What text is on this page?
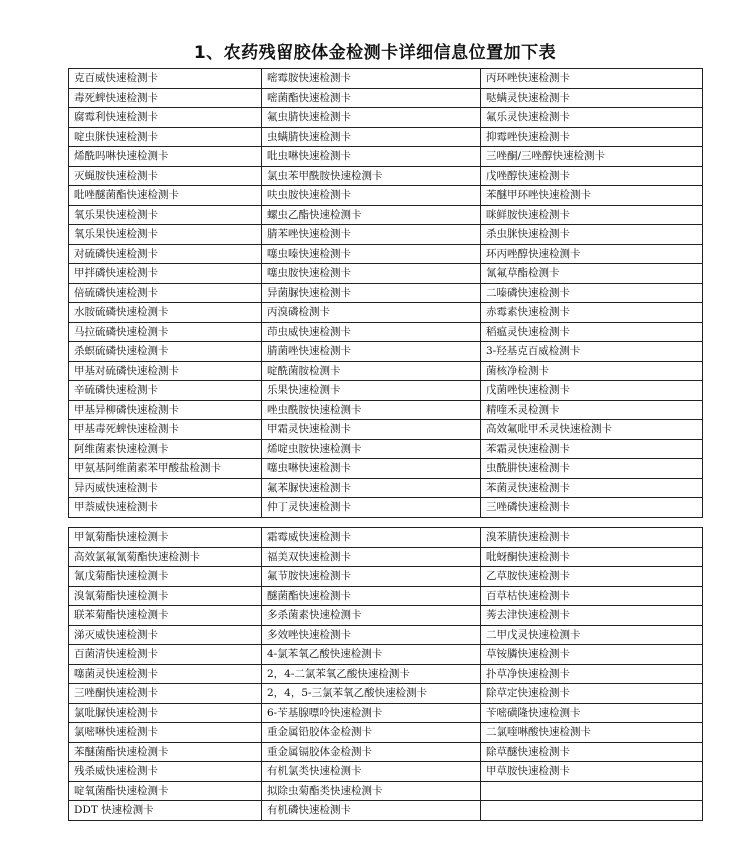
1、农药残留胶体金检测卡详细信息位置加下表
克百威快速检测卡	嘧霉胺快速检测卡	丙环唑快速检测卡
毒死蜱快速检测卡	嘧菌酯快速检测卡	哒螨灵快速检测卡
腐霉利快速检测卡	氟虫腈快速检测卡	氟乐灵快速检测卡
啶虫脒快速检测卡	虫螨腈快速检测卡	抑霉唑快速检测卡
烯酰吗啉快速检测卡	吡虫啉快速检测卡	三唑酮/三唑醇快速检测卡
灭蝇胺快速检测卡	氯虫苯甲酰胺快速检测卡	戊唑醇快速检测卡
吡唑醚菌酯快速检测卡	呋虫胺快速检测卡	苯醚甲环唑快速检测卡
氧乐果快速检测卡	螺虫乙酯快速检测卡	咪鲜胺快速检测卡
氧乐果快速检测卡	腈苯唑快速检测卡	杀虫脒快速检测卡
对硫磷快速检测卡	噻虫嗪快速检测卡	环丙唑醇快速检测卡
甲拌磷快速检测卡	噻虫胺快速检测卡	氰氟草酯检测卡
倍硫磷快速检测卡	异菌脲快速检测卡	二嗪磷快速检测卡
水胺硫磷快速检测卡	丙溴磷检测卡	赤霉素快速检测卡
马拉硫磷快速检测卡	茚虫威快速检测卡	稻瘟灵快速检测卡
杀螟硫磷快速检测卡	腈菌唑快速检测卡	3-羟基克百威检测卡
甲基对硫磷快速检测卡	啶酰菌胺检测卡	菌核净检测卡
辛硫磷快速检测卡	乐果快速检测卡	戊菌唑快速检测卡
甲基异柳磷快速检测卡	唑虫酰胺快速检测卡	精喹禾灵检测卡
甲基毒死蜱快速检测卡	甲霜灵快速检测卡	高效氟吡甲禾灵快速检测卡
阿维菌素快速检测卡	烯啶虫胺快速检测卡	苯霜灵快速检测卡
甲氨基阿维菌素苯甲酸盐检测卡	噻虫啉快速检测卡	虫酰肼快速检测卡
异丙威快速检测卡	氟苯脲快速检测卡	苯菌灵快速检测卡
甲萘威快速检测卡	仲丁灵快速检测卡	三唑磷快速检测卡
甲氰菊酯快速检测卡	霜霉威快速检测卡	溴苯腈快速检测卡
高效氯氟氰菊酯快速检测卡	福美双快速检测卡	吡蚜酮快速检测卡
氰戊菊酯快速检测卡	氟节胺快速检测卡	乙草胺快速检测卡
溴氰菊酯快速检测卡	醚菌酯快速检测卡	百草枯快速检测卡
联苯菊酯快速检测卡	多杀菌素快速检测卡	莠去津快速检测卡
涕灭威快速检测卡	多效唑快速检测卡	二甲戊灵快速检测卡
百菌清快速检测卡	4-氯苯氧乙酸快速检测卡	草铵膦快速检测卡
噻菌灵快速检测卡	2，4-二氯苯氧乙酸快速检测卡	扑草净快速检测卡
三唑酮快速检测卡	2，4，5-三氯苯氧乙酸快速检测卡	除草定快速检测卡
氯吡脲快速检测卡	6-苄基腺嘌呤快速检测卡	苄嘧磺隆快速检测卡
氯嘧啉快速检测卡	重金属铅胶体金检测卡	二氯喹啉酸快速检测卡
苯醚菌酯快速检测卡	重金属镉胶体金检测卡	除草醚快速检测卡
残杀威快速检测卡	有机氯类快速检测卡	甲草胺快速检测卡
啶氧菌酯快速检测卡	拟除虫菊酯类快速检测卡	
DDT 快速检测卡	有机磷快速检测卡	
